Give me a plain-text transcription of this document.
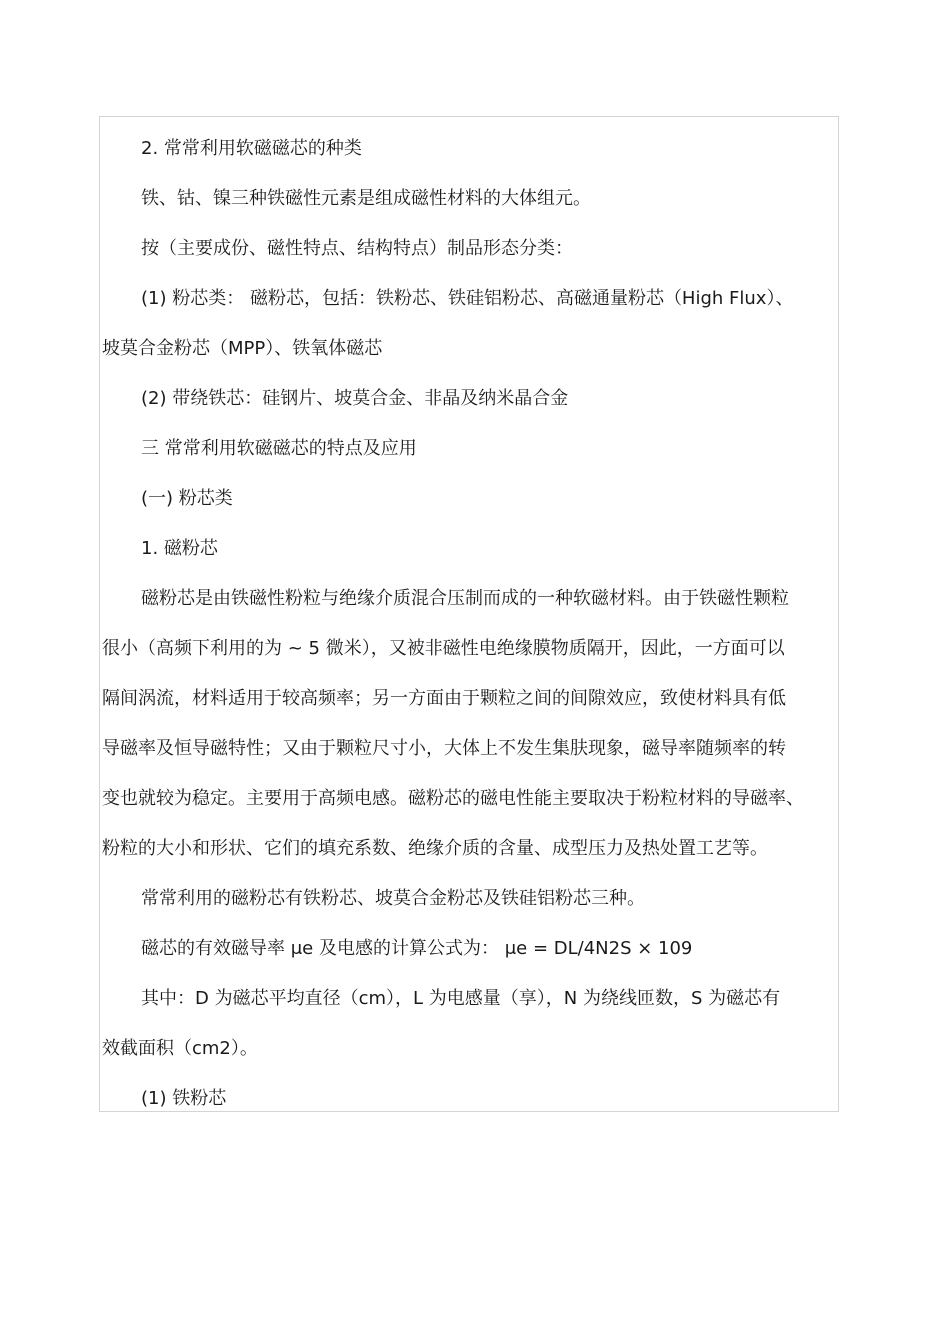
2. 常常利用软磁磁芯的种类
铁、钴、镍三种铁磁性元素是组成磁性材料的大体组元。
按（主要成份、磁性特点、结构特点）制品形态分类：
(1) 粉芯类： 磁粉芯，包括：铁粉芯、铁硅铝粉芯、高磁通量粉芯（High Flux）、
坡莫合金粉芯（MPP）、铁氧体磁芯
(2) 带绕铁芯：硅钢片、坡莫合金、非晶及纳米晶合金
三 常常利用软磁磁芯的特点及应用
(一) 粉芯类
1. 磁粉芯
磁粉芯是由铁磁性粉粒与绝缘介质混合压制而成的一种软磁材料。由于铁磁性颗粒
很小（高频下利用的为 ~ 5 微米），又被非磁性电绝缘膜物质隔开，因此，一方面可以
隔间涡流，材料适用于较高频率；另一方面由于颗粒之间的间隙效应，致使材料具有低
导磁率及恒导磁特性；又由于颗粒尺寸小，大体上不发生集肤现象，磁导率随频率的转
变也就较为稳定。主要用于高频电感。磁粉芯的磁电性能主要取决于粉粒材料的导磁率、
粉粒的大小和形状、它们的填充系数、绝缘介质的含量、成型压力及热处置工艺等。
常常利用的磁粉芯有铁粉芯、坡莫合金粉芯及铁硅铝粉芯三种。
磁芯的有效磁导率 μe 及电感的计算公式为： μe = DL/4N2S × 109
其中：D 为磁芯平均直径（cm），L 为电感量（享），N 为绕线匝数，S 为磁芯有
效截面积（cm2）。
(1) 铁粉芯
